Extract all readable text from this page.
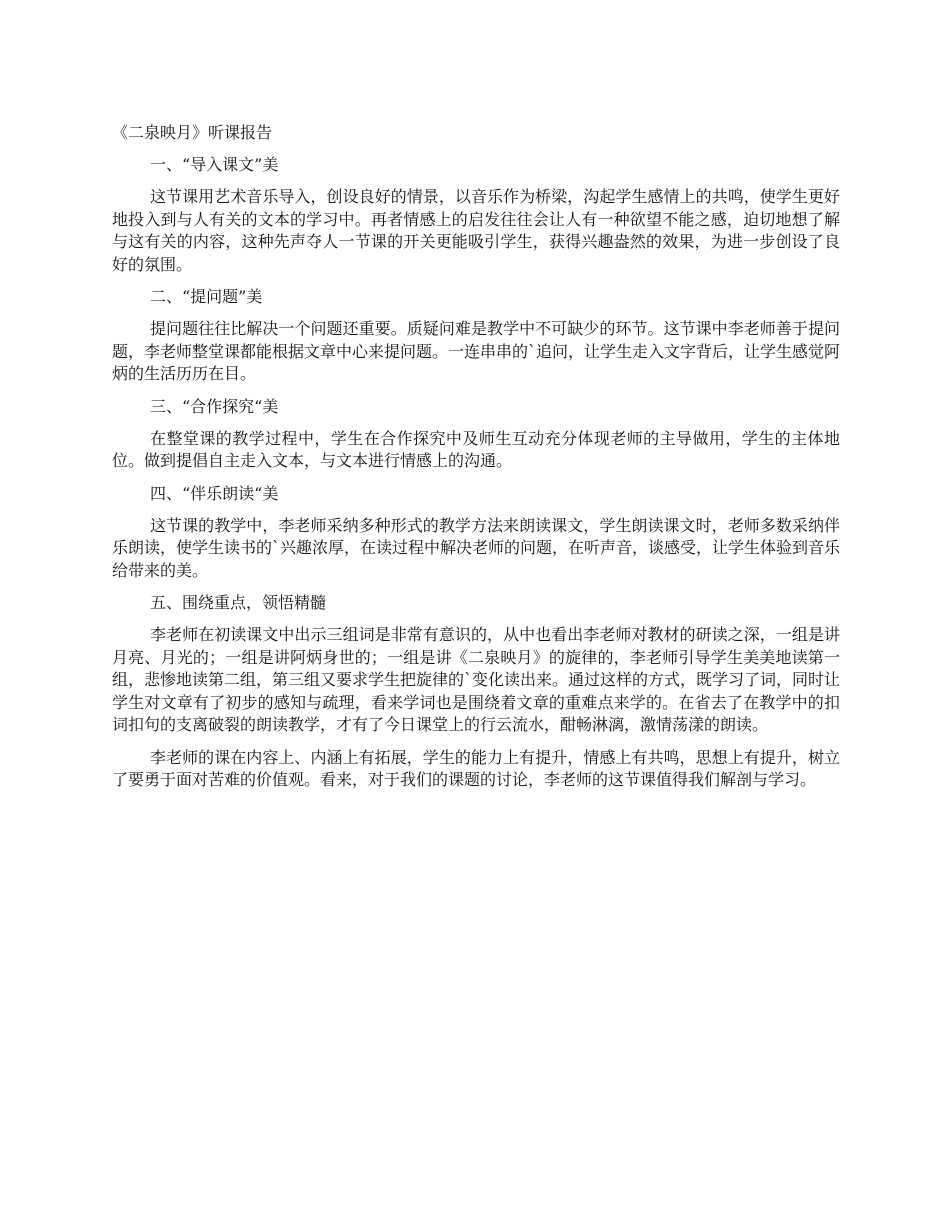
《二泉映月》听课报告
一、“导入课文”美
这节课用艺术音乐导入，创设良好的情景，以音乐作为桥梁，沟起学生感情上的共鸣，使学生更好地投入到与人有关的文本的学习中。再者情感上的启发往往会让人有一种欲望不能之感，迫切地想了解与这有关的内容，这种先声夺人一节课的开关更能吸引学生，获得兴趣盎然的效果，为进一步创设了良好的氛围。
二、“提问题”美
提问题往往比解决一个问题还重要。质疑问难是教学中不可缺少的环节。这节课中李老师善于提问题，李老师整堂课都能根据文章中心来提问题。一连串串的`追问，让学生走入文字背后，让学生感觉阿炳的生活历历在目。
三、“合作探究“美
在整堂课的教学过程中，学生在合作探究中及师生互动充分体现老师的主导做用，学生的主体地位。做到提倡自主走入文本，与文本进行情感上的沟通。
四、“伴乐朗读“美
这节课的教学中，李老师采纳多种形式的教学方法来朗读课文，学生朗读课文时，老师多数采纳伴乐朗读，使学生读书的`兴趣浓厚，在读过程中解决老师的问题，在听声音，谈感受，让学生体验到音乐给带来的美。
五、围绕重点，领悟精髓
李老师在初读课文中出示三组词是非常有意识的，从中也看出李老师对教材的研读之深，一组是讲月亮、月光的；一组是讲阿炳身世的；一组是讲《二泉映月》的旋律的，李老师引导学生美美地读第一组，悲惨地读第二组，第三组又要求学生把旋律的`变化读出来。通过这样的方式，既学习了词，同时让学生对文章有了初步的感知与疏理，看来学词也是围绕着文章的重难点来学的。在省去了在教学中的扣词扣句的支离破裂的朗读教学，才有了今日课堂上的行云流水，酣畅淋漓，激情荡漾的朗读。
李老师的课在内容上、内涵上有拓展，学生的能力上有提升，情感上有共鸣，思想上有提升，树立了要勇于面对苦难的价值观。看来，对于我们的课题的讨论，李老师的这节课值得我们解剖与学习。
